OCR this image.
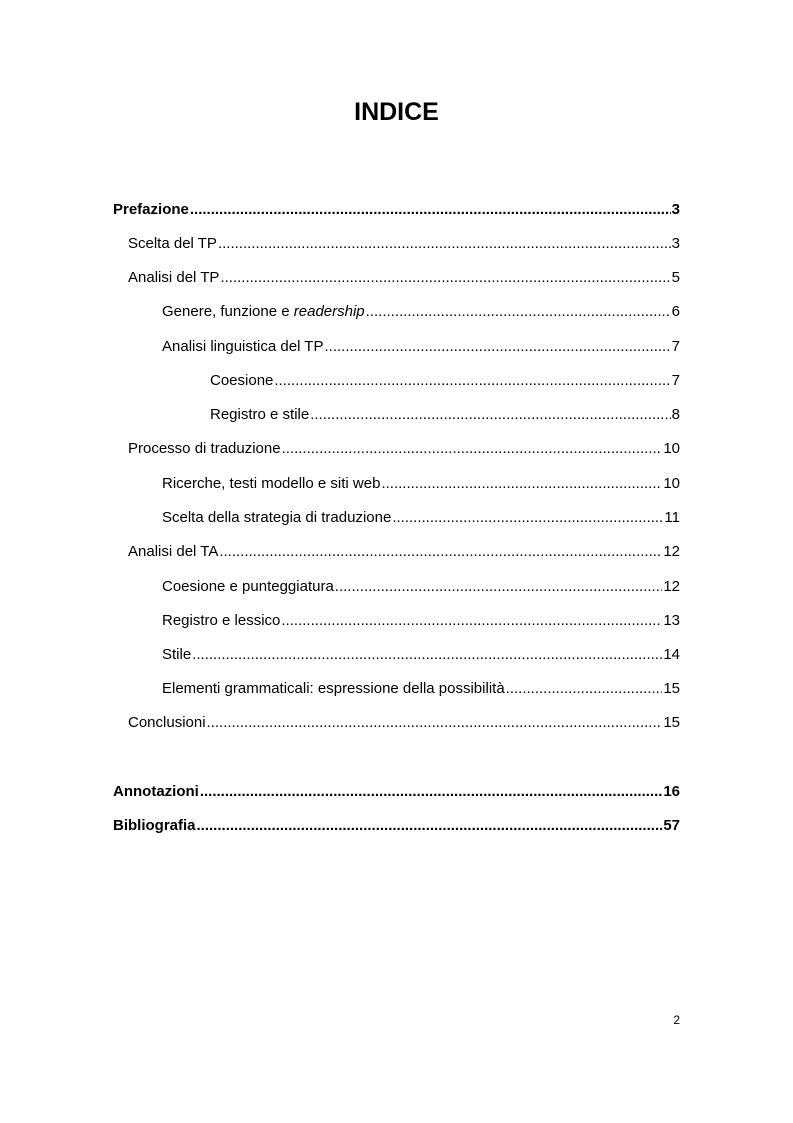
INDICE
Prefazione .....	3
Scelta del TP .....	3
Analisi del TP .....	5
Genere, funzione e readership .....	6
Analisi linguistica del TP .....	7
Coesione .....	7
Registro e stile .....	8
Processo di traduzione .....	10
Ricerche, testi modello e siti web .....	10
Scelta della strategia di traduzione .....	11
Analisi del TA .....	12
Coesione e punteggiatura .....	12
Registro e lessico .....	13
Stile .....	14
Elementi grammaticali: espressione della possibilità .....	15
Conclusioni .....	15
Annotazioni .....	16
Bibliografia .....	57
2
